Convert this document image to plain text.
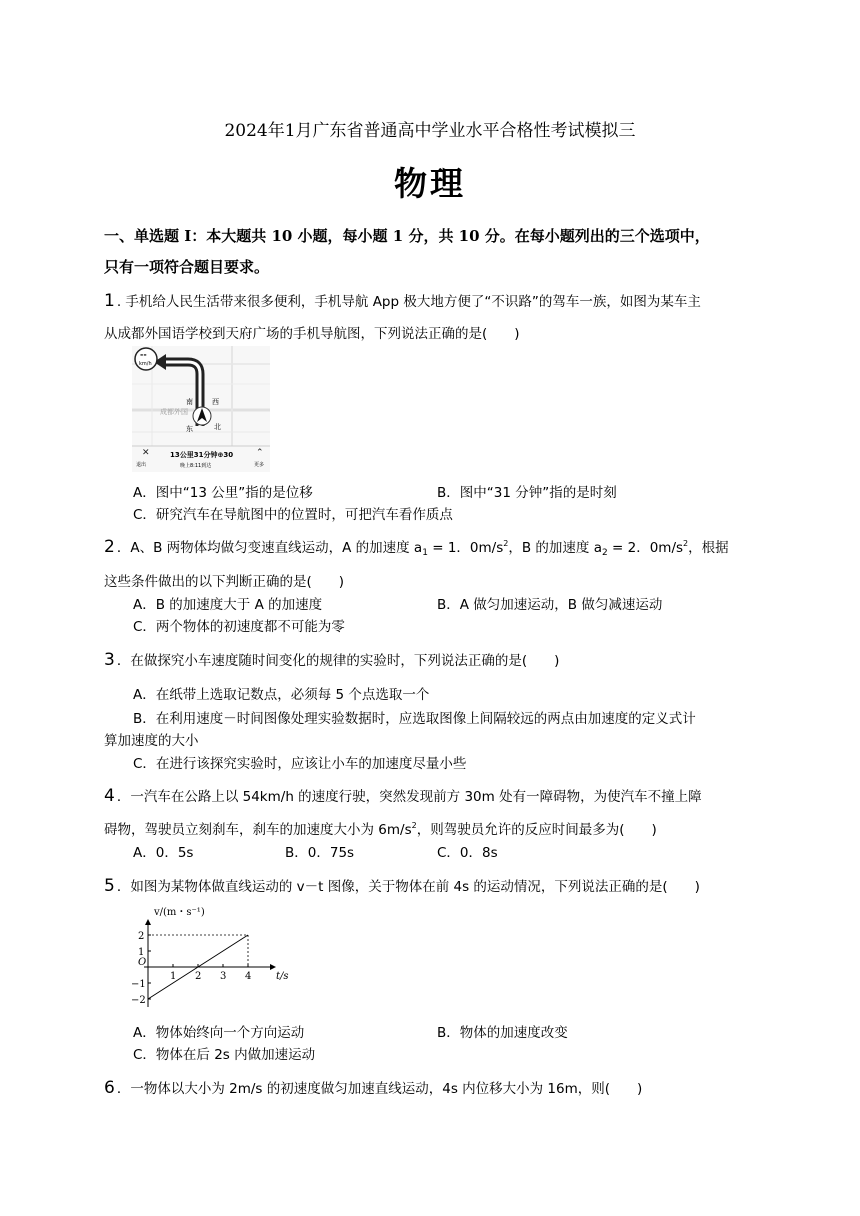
2024年1月广东省普通高中学业水平合格性考试模拟三
物理
一、单选题 I：本大题共 10 小题，每小题 1 分，共 10 分。在每小题列出的三个选项中，
只有一项符合题目要求。
1 . 手机给人民生活带来很多便利，手机导航 App 极大地方便了“不识路”的驾车一族，如图为某车主
从成都外国语学校到天府广场的手机导航图，下列说法正确的是(　　)
✕	⌃
--
km/h
南	西
东	北
成都外国
退出	更多
13公里31分钟⊕30
晚上8:11到达
A．图中“13 公里”指的是位移	B．图中“31 分钟”指的是时刻
C．研究汽车在导航图中的位置时，可把汽车看作质点
2 ．A、B 两物体均做匀变速直线运动，A 的加速度 $a_1 = 1$．$0m/s^2$，B 的加速度 $a_2 = 2$．$0m/s^2$，根据
这些条件做出的以下判断正确的是(　　)
A．B 的加速度大于 A 的加速度	B．A 做匀加速运动，B 做匀减速运动
C．两个物体的初速度都不可能为零
3 ．在做探究小车速度随时间变化的规律的实验时，下列说法正确的是(　　)
A．在纸带上选取记数点，必须每 5 个点选取一个
B．在利用速度－时间图像处理实验数据时，应选取图像上间隔较远的两点由加速度的定义式计
算加速度的大小
C．在进行该探究实验时，应该让小车的加速度尽量小些
4 ．一汽车在公路上以 54km/h 的速度行驶，突然发现前方 30m 处有一障碍物，为使汽车不撞上障
碍物，驾驶员立刻刹车，刹车的加速度大小为 $6m/s^2$，则驾驶员允许的反应时间最多为(　　)
A．0．5s	B．0．75s	C．0．8s
5 ．如图为某物体做直线运动的 v－t 图像，关于物体在前 4s 的运动情况，下列说法正确的是(　　)
1 2 3 4
2
1
−1
−2
O
v/(m・s⁻¹)
t/s
A．物体始终向一个方向运动	B．物体的加速度改变
C．物体在后 2s 内做加速运动
6 ．一物体以大小为 2m/s 的初速度做匀加速直线运动，4s 内位移大小为 16m，则(　　)
